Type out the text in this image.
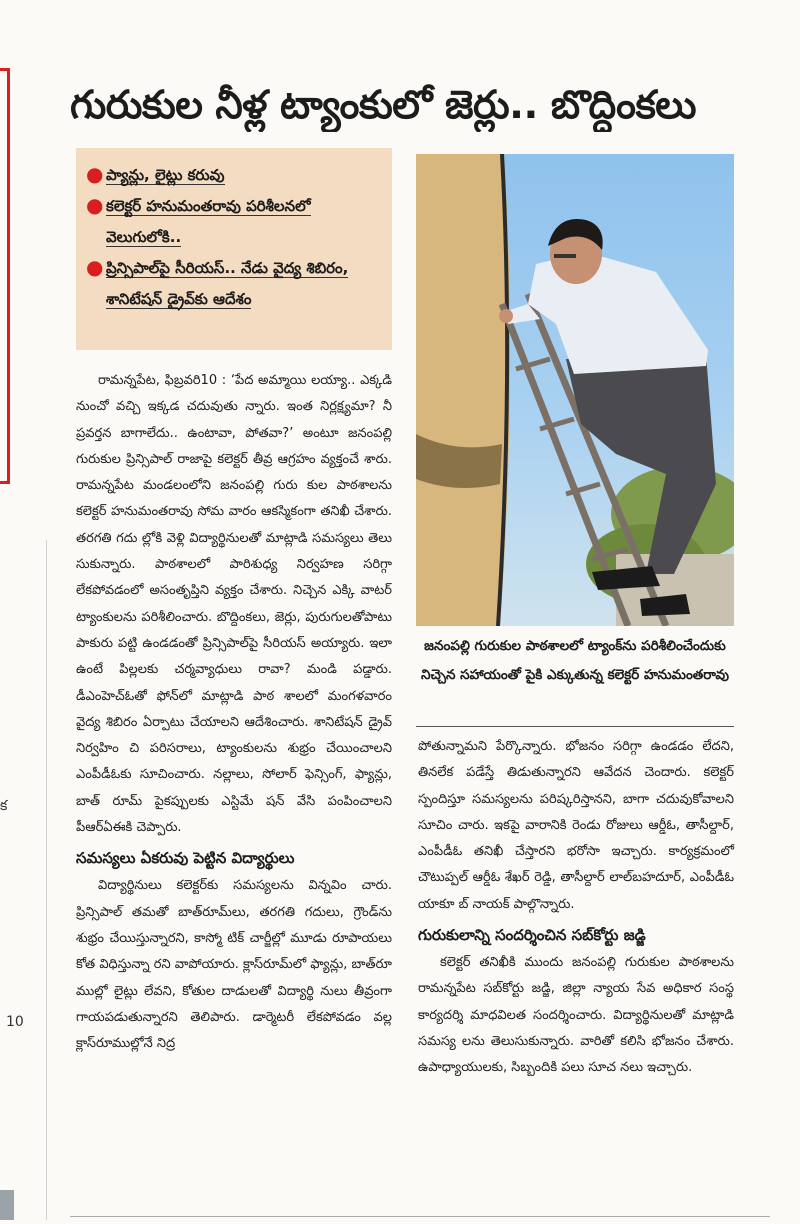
క
10
గురుకుల నీళ్ల ట్యాంకులో జెర్లు.. బొద్దింకలు
● ప్యాన్లు, లైట్లు కరువు
● కలెక్టర్ హనుమంతరావు పరిశీలనలో వెలుగులోకి..
● ప్రిన్సిపాల్‌పై సీరియస్.. నేడు వైద్య శిబిరం, శానిటేషన్ డ్రైవ్‌కు ఆదేశం
జనంపల్లి గురుకుల పాఠశాలలో ట్యాంక్‌ను పరిశీలించేందుకు నిచ్చెన సహాయంతో పైకి ఎక్కుతున్న కలెక్టర్ హనుమంతరావు

రామన్నపేట, ఫిబ్రవరి10 : ‘పేద అమ్మాయి లయ్యా.. ఎక్కడి నుంచో వచ్చి ఇక్కడ చదువుతు న్నారు. ఇంత నిర్లక్ష్యమా? నీ ప్రవర్తన బాగాలేదు.. ఉంటావా, పోతవా?’ అంటూ జనంపల్లి గురుకుల ప్రిన్సిపాల్ రాజాపై కలెక్టర్ తీవ్ర ఆగ్రహం వ్యక్తంచే శారు. రామన్నపేట మండలంలోని జనంపల్లి గురు కుల పాఠశాలను కలెక్టర్ హనుమంతరావు సోమ వారం ఆకస్మికంగా తనిఖీ చేశారు. తరగతి గదు ల్లోకి వెళ్లి విద్యార్థినులతో మాట్లాడి సమస్యలు తెలు సుకున్నారు. పాఠశాలలో పారిశుధ్య నిర్వహణ సరిగ్గా లేకపోవడంలో అసంతృప్తిని వ్యక్తం చేశారు. నిచ్చెన ఎక్కి వాటర్ ట్యాంకులను పరిశీలించారు. బొద్దింకలు, జెర్లు, పురుగులతోపాటు పాకురు పట్టి ఉండడంతో ప్రిన్సిపాల్‌పై సీరియస్ అయ్యారు. ఇలా ఉంటే పిల్లలకు చర్మవ్యాధులు రావా? మండి పడ్డారు. డీఎంహెచ్ఓతో ఫోన్‌లో మాట్లాడి పాఠ శాలలో మంగళవారం వైద్య శిబిరం ఏర్పాటు చేయాలని ఆదేశించారు. శానిటేషన్ డ్రైవ్ నిర్వహిం చి పరిసరాలు, ట్యాంకులను శుభ్రం చేయించాలని ఎంపీడీఓకు సూచించారు. నల్లాలు, సోలార్ ఫెన్సింగ్, ఫ్యాన్లు, బాత్ రూమ్ పైకప్పులకు ఎస్టిమే షన్ వేసి పంపించాలని పీఆర్ఏఈకి చెప్పారు.

సమస్యలు ఏకరువు పెట్టిన విద్యార్థులు

విద్యార్థినులు కలెక్టర్‌కు సమస్యలను విన్నవిం చారు. ప్రిన్సిపాల్ తమతో బాత్‌రూమ్‌లు, తరగతి గదులు, గ్రౌండ్‌ను శుభ్రం చేయిస్తున్నారని, కాస్మో టిక్ చార్జీల్లో మూడు రూపాయలు కోత విధిస్తున్నా రని వాపోయారు. క్లాస్‌రూమ్‌లో ఫ్యాన్లు, బాత్‌రూ ముల్లో లైట్లు లేవని, కోతుల దాడులతో విద్యార్థి నులు తీవ్రంగా గాయపడుతున్నారని తెలిపారు. డార్మెటరీ లేకపోవడం వల్ల క్లాస్‌రూముల్లోనే నిద్ర

పోతున్నామని పేర్కొన్నారు. భోజనం సరిగ్గా ఉండడం లేదని, తినలేక పడేస్తే తిడుతున్నారని ఆవేదన చెందారు. కలెక్టర్ స్పందిస్తూ సమస్యలను పరిష్కరిస్తానని, బాగా చదువుకోవాలని సూచిం చారు. ఇకపై వారానికి రెండు రోజులు ఆర్డీఓ, తాసీల్దార్, ఎంపీడీఓ తనిఖీ చేస్తారని భరోసా ఇచ్చారు. కార్యక్రమంలో చౌటుప్పల్ ఆర్డీఓ శేఖర్ రెడ్డి, తాసీల్దార్ లాల్‌బహదూర్, ఎంపీడీఓ యాకూ బ్ నాయక్ పాల్గొన్నారు.

గురుకులాన్ని సందర్శించిన సబ్‌కోర్టు జడ్జి

కలెక్టర్ తనిఖీకి ముందు జనంపల్లి గురుకుల పాఠశాలను రామన్నపేట సబ్‌కోర్టు జడ్జి, జిల్లా న్యాయ సేవ అధికార సంస్థ కార్యదర్శి మాధవిలత సందర్శించారు. విద్యార్థినులతో మాట్లాడి సమస్య లను తెలుసుకున్నారు. వారితో కలిసి భోజనం చేశారు. ఉపాధ్యాయులకు, సిబ్బందికి పలు సూచ నలు ఇచ్చారు.
